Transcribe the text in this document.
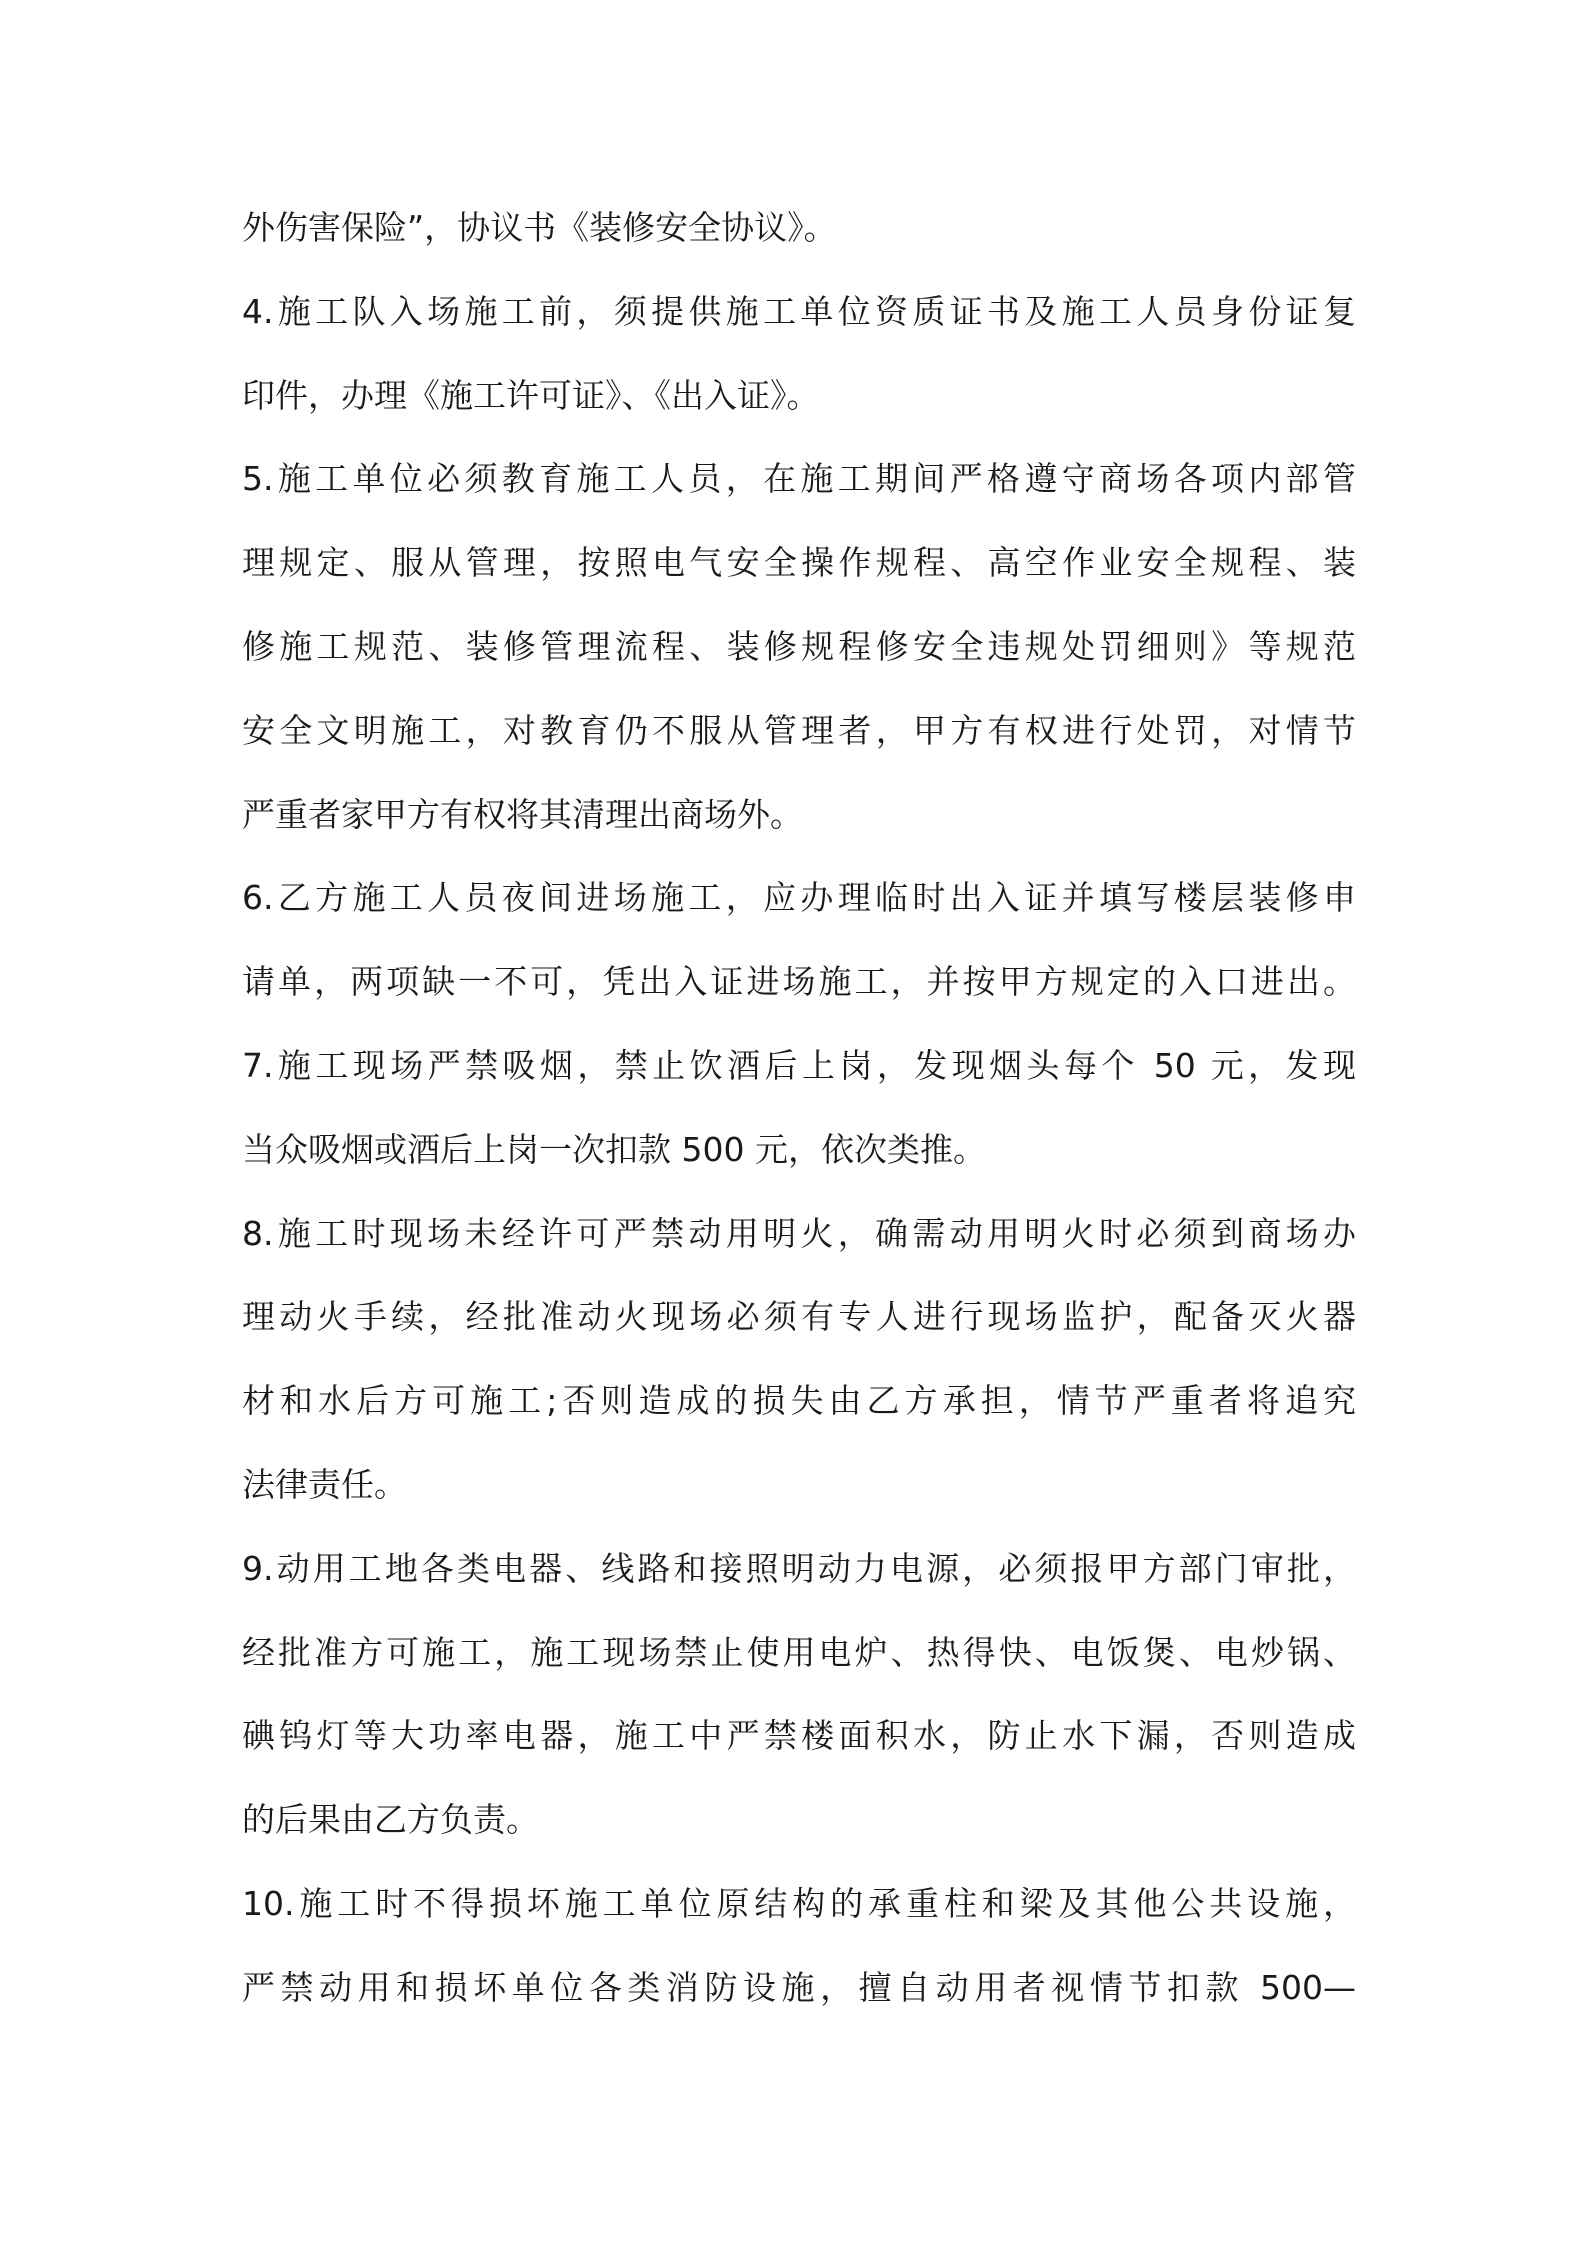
外伤害保险”，协议书《装修安全协议》。
4.施工队入场施工前，须提供施工单位资质证书及施工人员身份证复
印件，办理《施工许可证》、《出入证》。
5.施工单位必须教育施工人员，在施工期间严格遵守商场各项内部管
理规定、服从管理，按照电气安全操作规程、高空作业安全规程、装
修施工规范、装修管理流程、装修规程修安全违规处罚细则》等规范
安全文明施工，对教育仍不服从管理者，甲方有权进行处罚，对情节
严重者家甲方有权将其清理出商场外。
6.乙方施工人员夜间进场施工，应办理临时出入证并填写楼层装修申
请单，两项缺一不可，凭出入证进场施工，并按甲方规定的入口进出。
7.施工现场严禁吸烟，禁止饮酒后上岗，发现烟头每个 50 元，发现
当众吸烟或酒后上岗一次扣款 500 元，依次类推。
8.施工时现场未经许可严禁动用明火，确需动用明火时必须到商场办
理动火手续，经批准动火现场必须有专人进行现场监护，配备灭火器
材和水后方可施工;否则造成的损失由乙方承担，情节严重者将追究
法律责任。
9.动用工地各类电器、线路和接照明动力电源，必须报甲方部门审批，
经批准方可施工，施工现场禁止使用电炉、热得快、电饭煲、电炒锅、
碘钨灯等大功率电器，施工中严禁楼面积水，防止水下漏，否则造成
的后果由乙方负责。
10.施工时不得损坏施工单位原结构的承重柱和梁及其他公共设施，
严禁动用和损坏单位各类消防设施，擅自动用者视情节扣款 500—
